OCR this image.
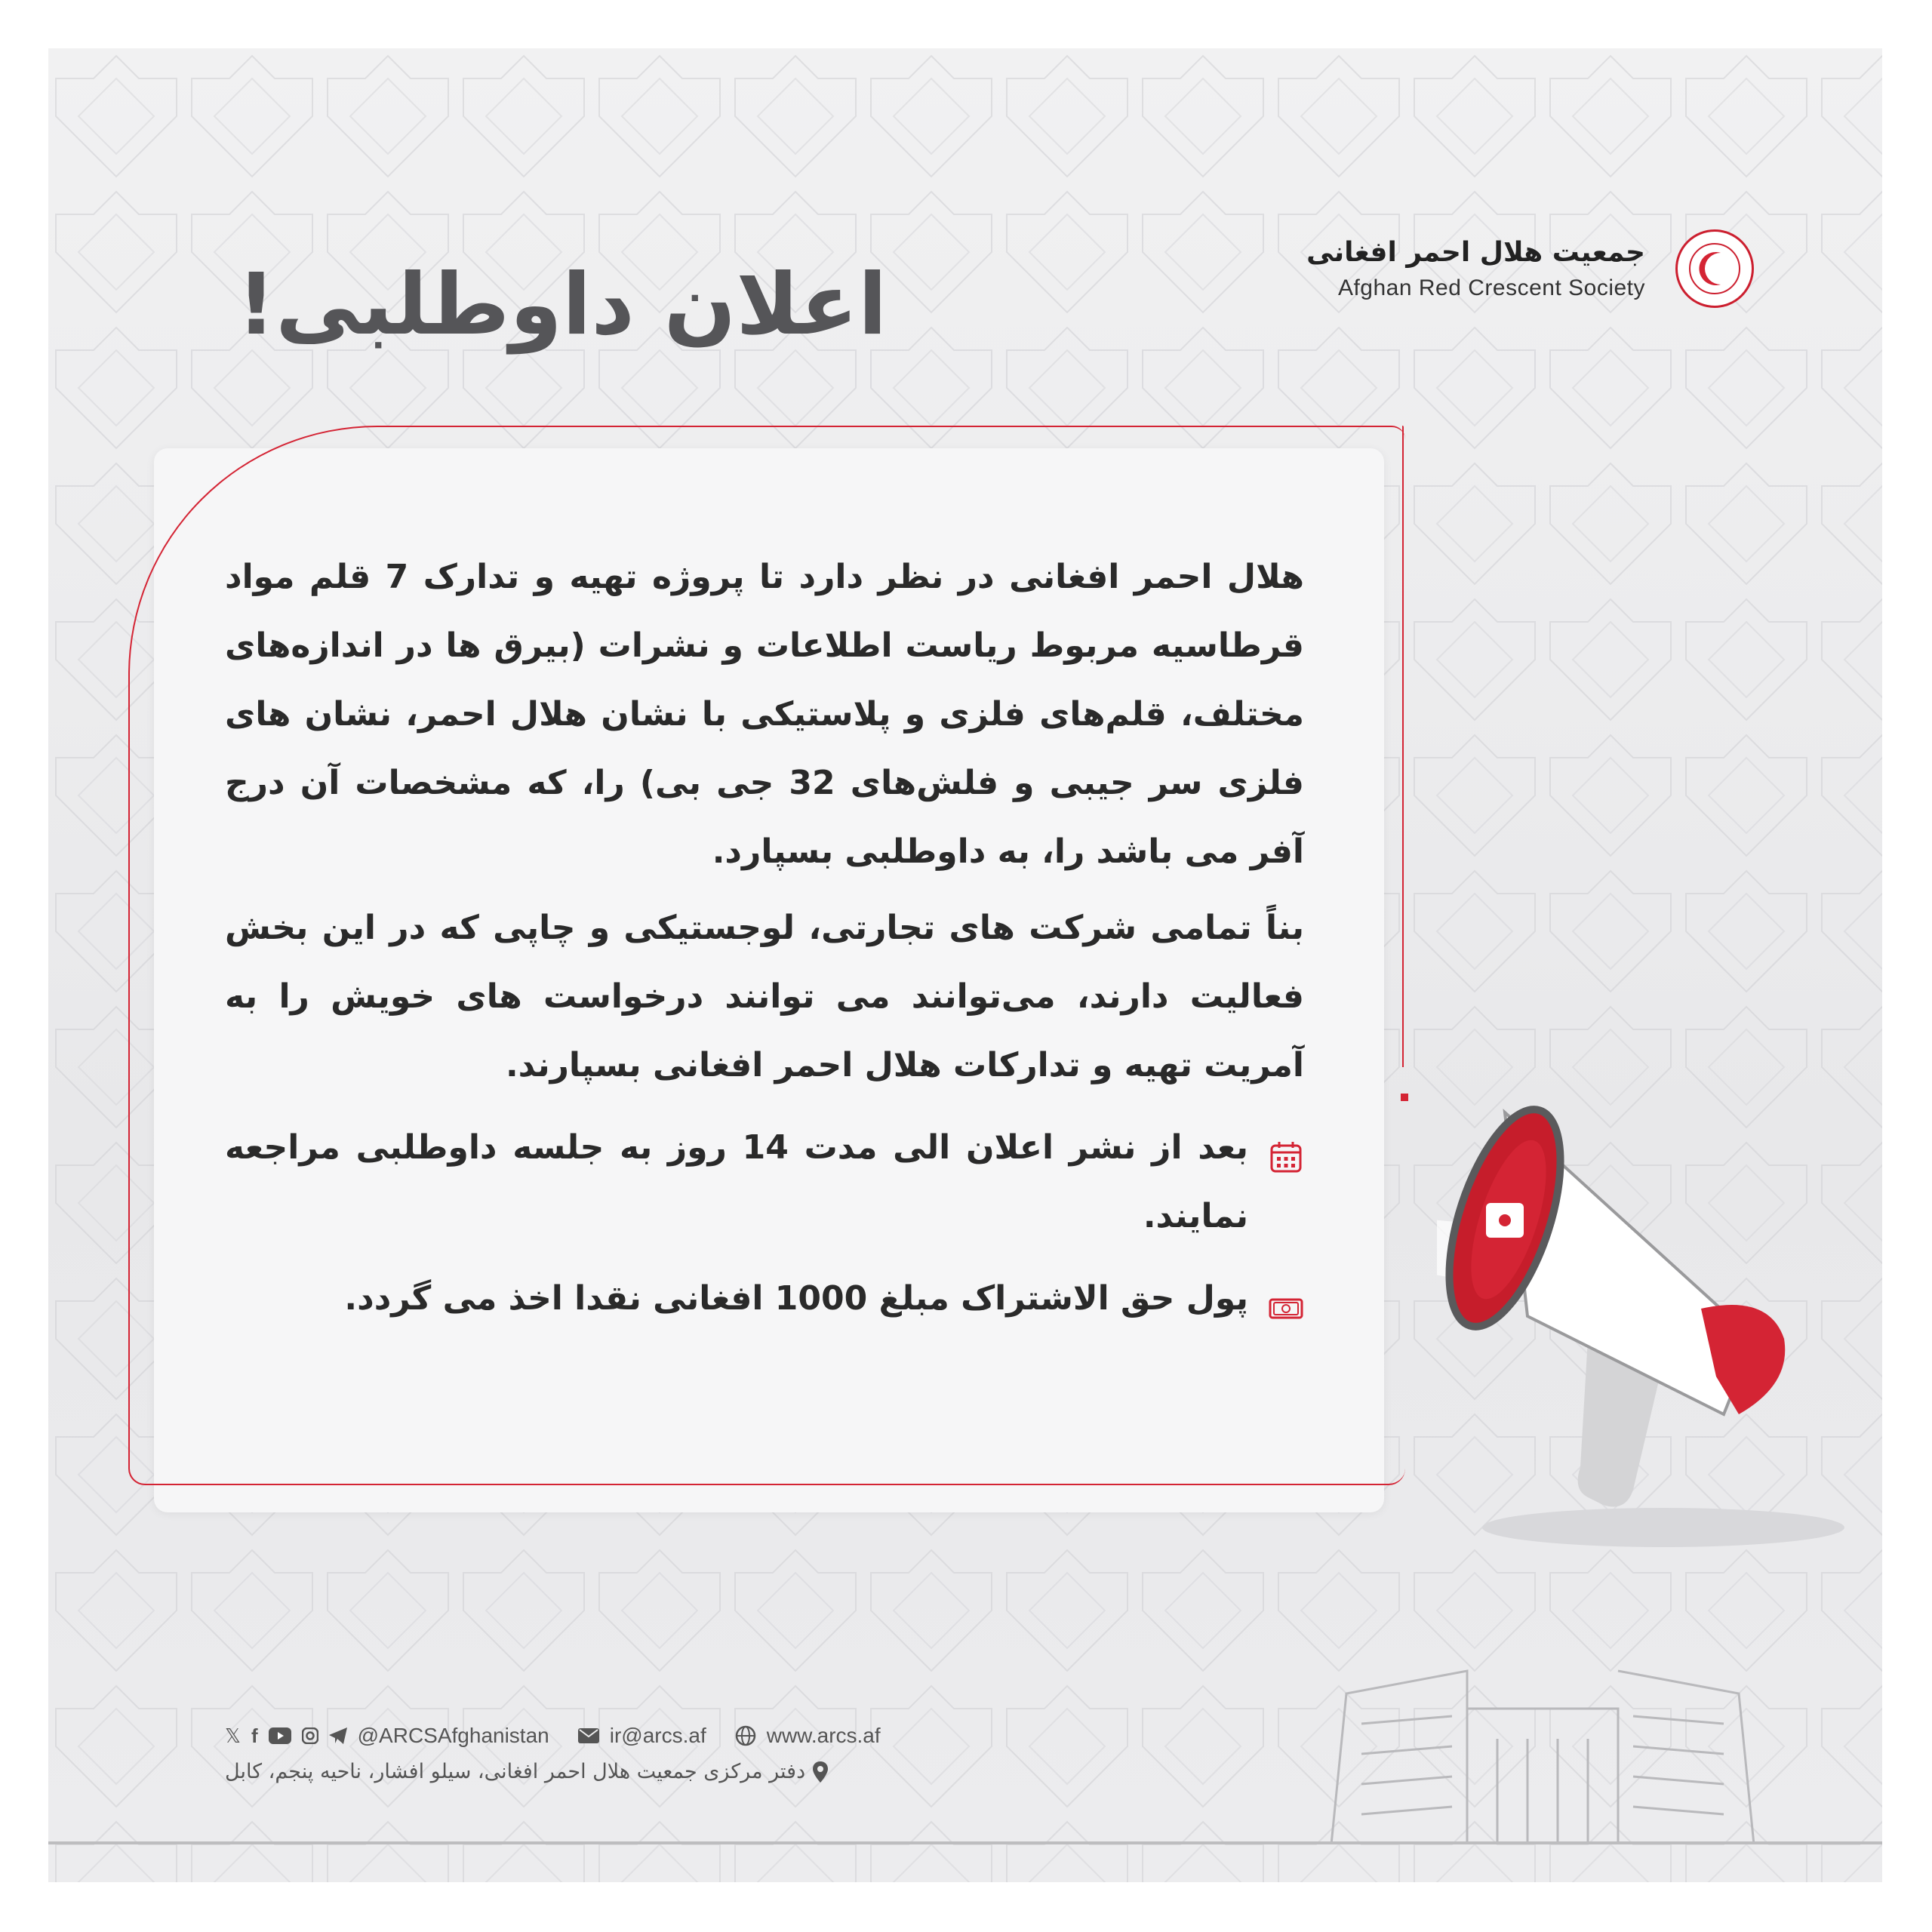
جمعیت هلال احمر افغانی
Afghan Red Crescent Society
اعلان داوطلبی!

هلال احمر افغانی در نظر دارد تا پروژه تهیه و تدارک 7 قلم مواد قرطاسیه مربوط ریاست اطلاعات و نشرات (بیرق ها در اندازه‌های مختلف، قلم‌های فلزی و پلاستیکی با نشان هلال احمر، نشان های فلزی سر جیبی و فلش‌های 32 جی بی) را، که مشخصات آن درج آفر می باشد را، به داوطلبی بسپارد.

بناً تمامی شرکت های تجارتی، لوجستیکی و چاپی که در این بخش فعالیت دارند، می‌توانند می توانند درخواست های خویش را به آمریت تهیه و تدارکات هلال احمر افغانی بسپارند.

بعد از نشر اعلان الی مدت 14 روز به جلسه داوطلبی مراجعه نمایند.
پول حق الاشتراک مبلغ 1000 افغانی نقدا اخذ می گردد.
𝕏 f	@ARCSAfghanistan	ir@arcs.af	www.arcs.af
دفتر مرکزی جمعیت هلال احمر افغانی، سیلو افشار، ناحیه پنجم، کابل
